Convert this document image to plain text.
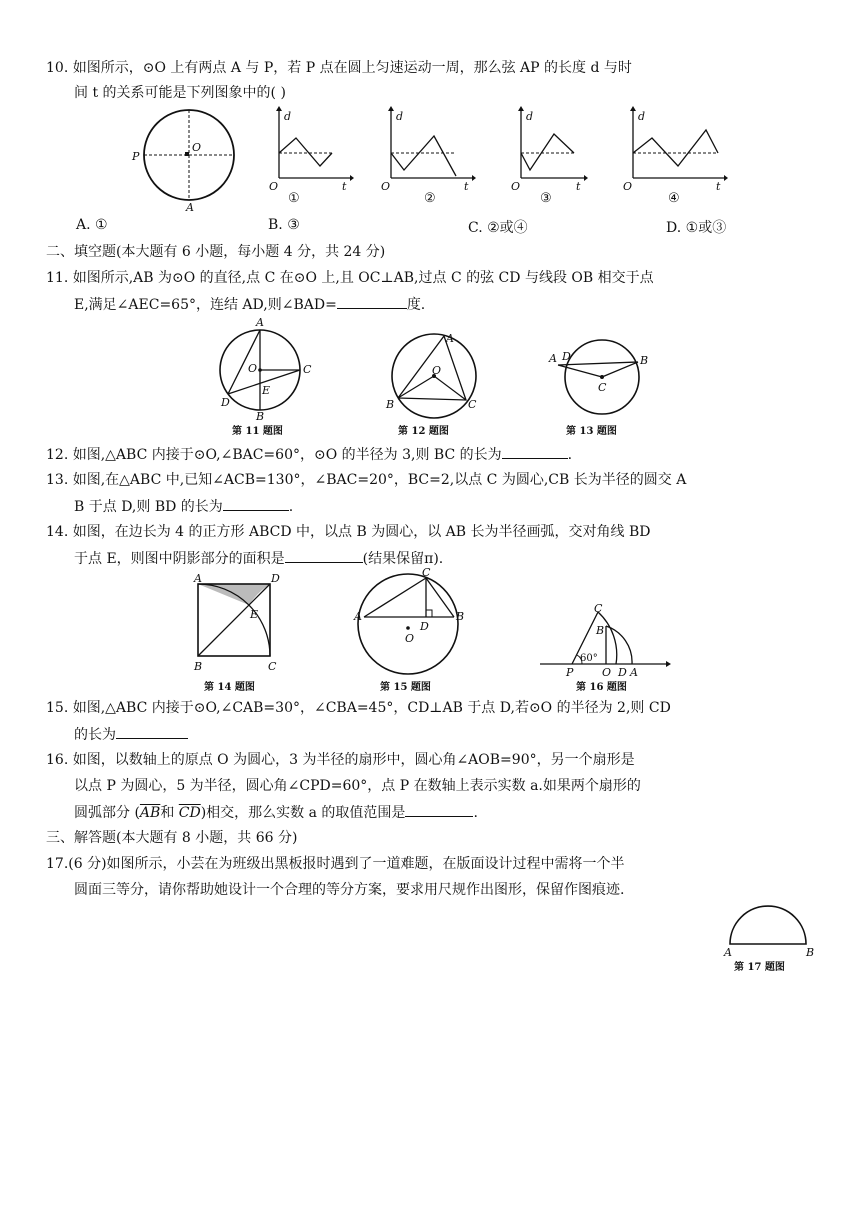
10. 如图所示，⊙O 上有两点 A 与 P，若 P 点在圆上匀速运动一周，那么弦 AP 的长度 d 与时
间 t 的关系可能是下列图象中的( )
O
P
A
d
t
O
①
d
t
O
②
d
t
O
③
d
t
O
④
A. ①	B. ③	C. ②或④	D. ①或③
二、填空题(本大题有 6 小题，每小题 4 分，共 24 分)
11. 如图所示,AB 为⊙O 的直径,点 C 在⊙O 上,且 OC⊥AB,过点 C 的弦 CD 与线段 OB 相交于点
E,满足∠AEC=65°，连结 AD,则∠BAD=	度.
A
O	C
E
D
B
第 11 题图
A
O
B	C
第 12 题图
A D	B
C
第 13 题图
12. 如图,△ABC 内接于⊙O,∠BAC=60°，⊙O 的半径为 3,则 BC 的长为	.
13. 如图,在△ABC 中,已知∠ACB=130°，∠BAC=20°，BC=2,以点 C 为圆心,CB 长为半径的圆交 A
B 于点 D,则 BD 的长为	.
14. 如图，在边长为 4 的正方形 ABCD 中，以点 B 为圆心，以 AB 长为半径画弧，交对角线 BD
于点 E，则图中阴影部分的面积是	(结果保留π).
A	D
E
B	C
第 14 题图
C
A	B
D
O
第 15 题图
C
B
60°
P	O D A
第 16 题图
15. 如图,△ABC 内接于⊙O,∠CAB=30°，∠CBA=45°，CD⊥AB 于点 D,若⊙O 的半径为 2,则 CD
的长为
16. 如图，以数轴上的原点 O 为圆心，3 为半径的扇形中，圆心角∠AOB=90°，另一个扇形是
以点 P 为圆心，5 为半径，圆心角∠CPD=60°，点 P 在数轴上表示实数 a.如果两个扇形的
圆弧部分 ($\overline{AB}$和 $\overline{CD}$)相交，那么实数 a 的取值范围是	.
三、解答题(本大题有 8 小题，共 66 分)
17.(6 分)如图所示，小芸在为班级出黑板报时遇到了一道难题，在版面设计过程中需将一个半
圆面三等分，请你帮助她设计一个合理的等分方案，要求用尺规作出图形，保留作图痕迹.
A	B
第 17 题图
